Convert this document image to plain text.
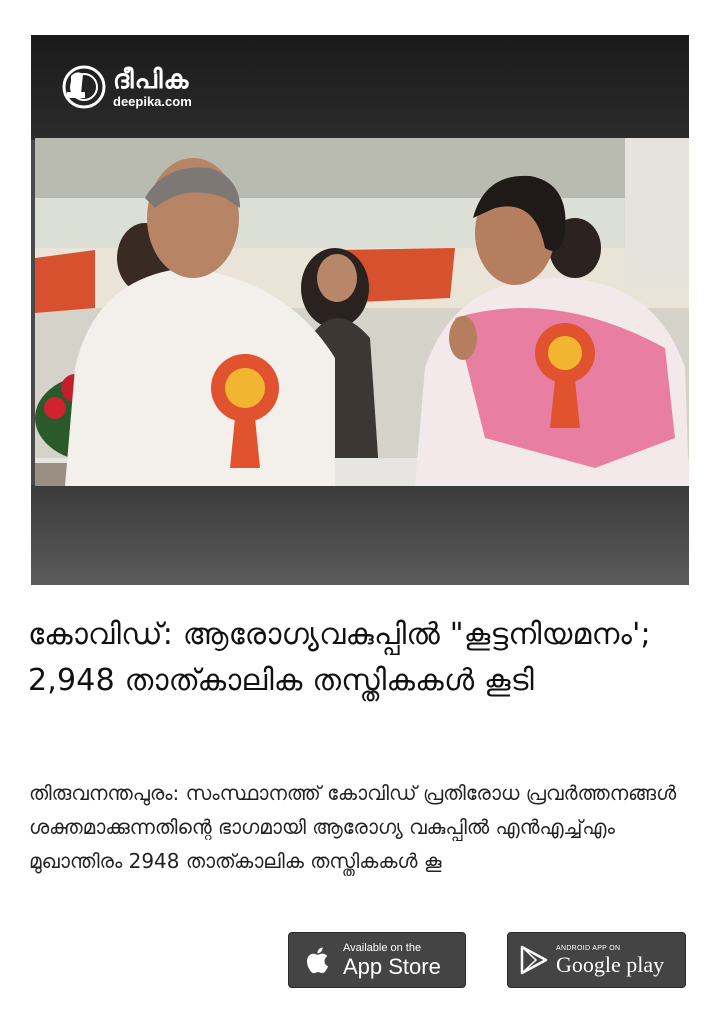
ദീപിക
deepika.com
കോവിഡ്: ആരോഗ്യവകുപ്പിൽ "കൂട്ടനിയമനം'; 2,948 താത്കാലിക തസ്തികകൾ കൂടി

തിരുവനന്തപുരം: സംസ്ഥാനത്ത് കോവിഡ് പ്രതിരോധ പ്രവർത്തനങ്ങൾ ശക്തമാക്കുന്നതിന്റെ ഭാഗമായി ആരോഗ്യ വകുപ്പിൽ എൻഎച്ച്എം മുഖാന്തിരം 2948 താത്കാലിക തസ്തികകൾ കൂ

Available on the
App Store
ANDROID APP ON
Google play
